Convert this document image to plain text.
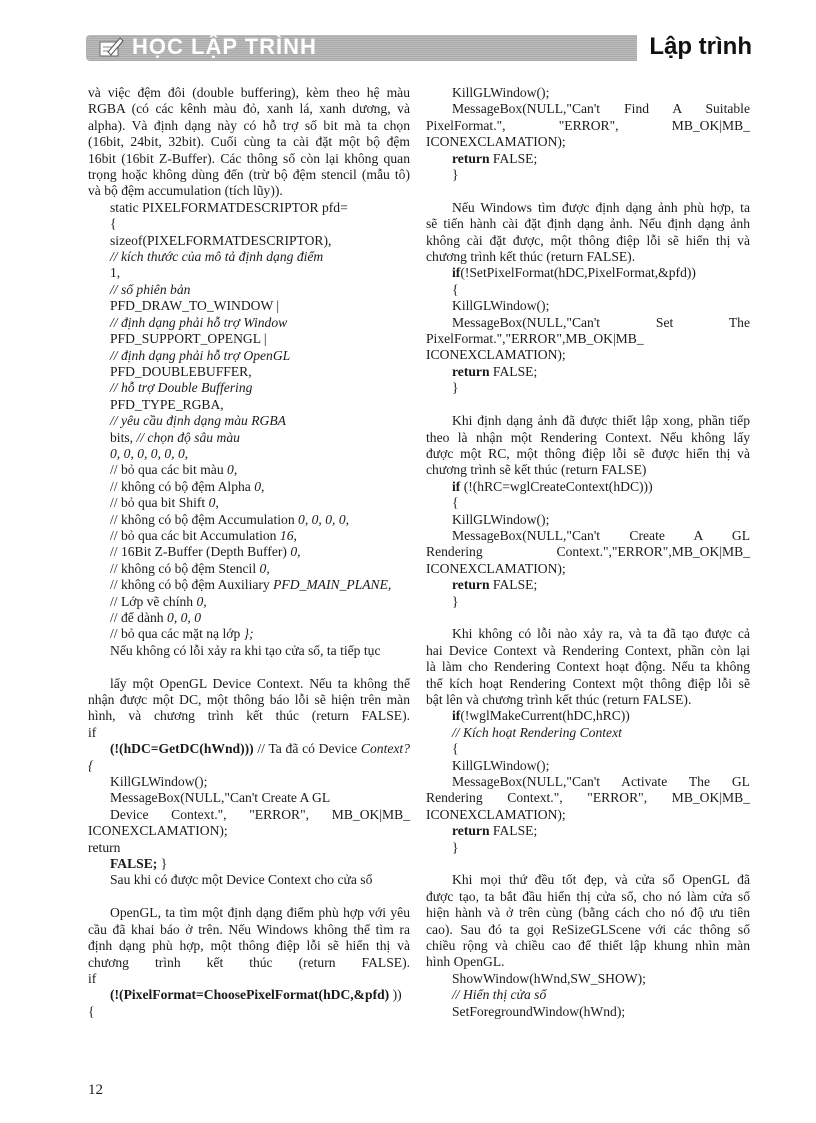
HỌC LẬP TRÌNH	Lập trình
và việc đệm đôi (double buffering), kèm theo hệ màu
RGBA (có các kênh màu đỏ, xanh lá, xanh dương, và
alpha). Và định dạng này có hỗ trợ số bit mà ta chọn
(16bit, 24bit, 32bit). Cuối cùng ta cài đặt một bộ đệm
16bit (16bit Z-Buffer). Các thông số còn lại không quan
trọng hoặc không dùng đến (trừ bộ đệm stencil (mẫu tô)
và bộ đệm accumulation (tích lũy)).
static PIXELFORMATDESCRIPTOR pfd=
{
sizeof(PIXELFORMATDESCRIPTOR),
// kích thước của mô tả định dạng điểm
1,
// số phiên bản
PFD_DRAW_TO_WINDOW |
// định dạng phải hỗ trợ Window
PFD_SUPPORT_OPENGL |
// định dạng phải hỗ trợ OpenGL
PFD_DOUBLEBUFFER,
// hỗ trợ Double Buffering
PFD_TYPE_RGBA,
// yêu cầu định dạng màu RGBA
bits, // chọn độ sâu màu
0, 0, 0, 0, 0, 0,
// bỏ qua các bit màu 0,
// không có bộ đệm Alpha 0,
// bỏ qua bit Shift 0,
// không có bộ đệm Accumulation 0, 0, 0, 0,
// bỏ qua các bit Accumulation 16,
// 16Bit Z-Buffer (Depth Buffer) 0,
// không có bộ đệm Stencil 0,
// không có bộ đệm Auxiliary PFD_MAIN_PLANE,
// Lớp vẽ chính 0,
// để dành 0, 0, 0
// bỏ qua các mặt nạ lớp };
Nếu không có lỗi xảy ra khi tạo cửa sổ, ta tiếp tục
lấy một OpenGL Device Context. Nếu ta không thể
nhận được một DC, một thông báo lỗi sẽ hiện trên màn
hình, và chương trình kết thúc (return FALSE).
if
(!(hDC=GetDC(hWnd))) // Ta đã có Device Context?
{
KillGLWindow();
MessageBox(NULL,"Can't Create A GL
Device Context.", "ERROR", MB_OK|MB_
ICONEXCLAMATION);
return
FALSE; }
Sau khi có được một Device Context cho cửa sổ
OpenGL, ta tìm một định dạng điểm phù hợp với yêu
cầu đã khai báo ở trên. Nếu Windows không thể tìm ra
định dạng phù hợp, một thông điệp lỗi sẽ hiển thị và
chương trình kết thúc (return FALSE).
if
(!(PixelFormat=ChoosePixelFormat(hDC,&pfd) ))
{
KillGLWindow();
MessageBox(NULL,"Can't Find A Suitable
PixelFormat.", "ERROR", MB_OK|MB_
ICONEXCLAMATION);
return FALSE;
}
Nếu Windows tìm được định dạng ảnh phù hợp, ta
sẽ tiến hành cài đặt định dạng ảnh. Nếu định dạng ảnh
không cài đặt được, một thông điệp lỗi sẽ hiển thị và
chương trình kết thúc (return FALSE).
if(!SetPixelFormat(hDC,PixelFormat,&pfd))
{
KillGLWindow();
MessageBox(NULL,"Can't Set The
PixelFormat.","ERROR",MB_OK|MB_
ICONEXCLAMATION);
return FALSE;
}
Khi định dạng ảnh đã được thiết lập xong, phần tiếp
theo là nhận một Rendering Context. Nếu không lấy
được một RC, một thông điệp lỗi sẽ được hiển thị và
chương trình sẽ kết thúc (return FALSE)
if (!(hRC=wglCreateContext(hDC)))
{
KillGLWindow();
MessageBox(NULL,"Can't Create A GL
Rendering Context.","ERROR",MB_OK|MB_
ICONEXCLAMATION);
return FALSE;
}
Khi không có lỗi nào xảy ra, và ta đã tạo được cả
hai Device Context và Rendering Context, phần còn lại
là làm cho Rendering Context hoạt động. Nếu ta không
thể kích hoạt Rendering Context một thông điệp lỗi sẽ
bật lên và chương trình kết thúc (return FALSE).
if(!wglMakeCurrent(hDC,hRC))
// Kích hoạt Rendering Context
{
KillGLWindow();
MessageBox(NULL,"Can't Activate The GL
Rendering Context.", "ERROR", MB_OK|MB_
ICONEXCLAMATION);
return FALSE;
}
Khi mọi thứ đều tốt đẹp, và cửa sổ OpenGL đã
được tạo, ta bắt đầu hiển thị cửa sổ, cho nó làm cửa sổ
hiện hành và ở trên cùng (bằng cách cho nó độ ưu tiên
cao). Sau đó ta gọi ReSizeGLScene với các thông số
chiều rộng và chiều cao để thiết lập khung nhìn màn
hình OpenGL.
ShowWindow(hWnd,SW_SHOW);
// Hiển thị cửa sổ
SetForegroundWindow(hWnd);
12
